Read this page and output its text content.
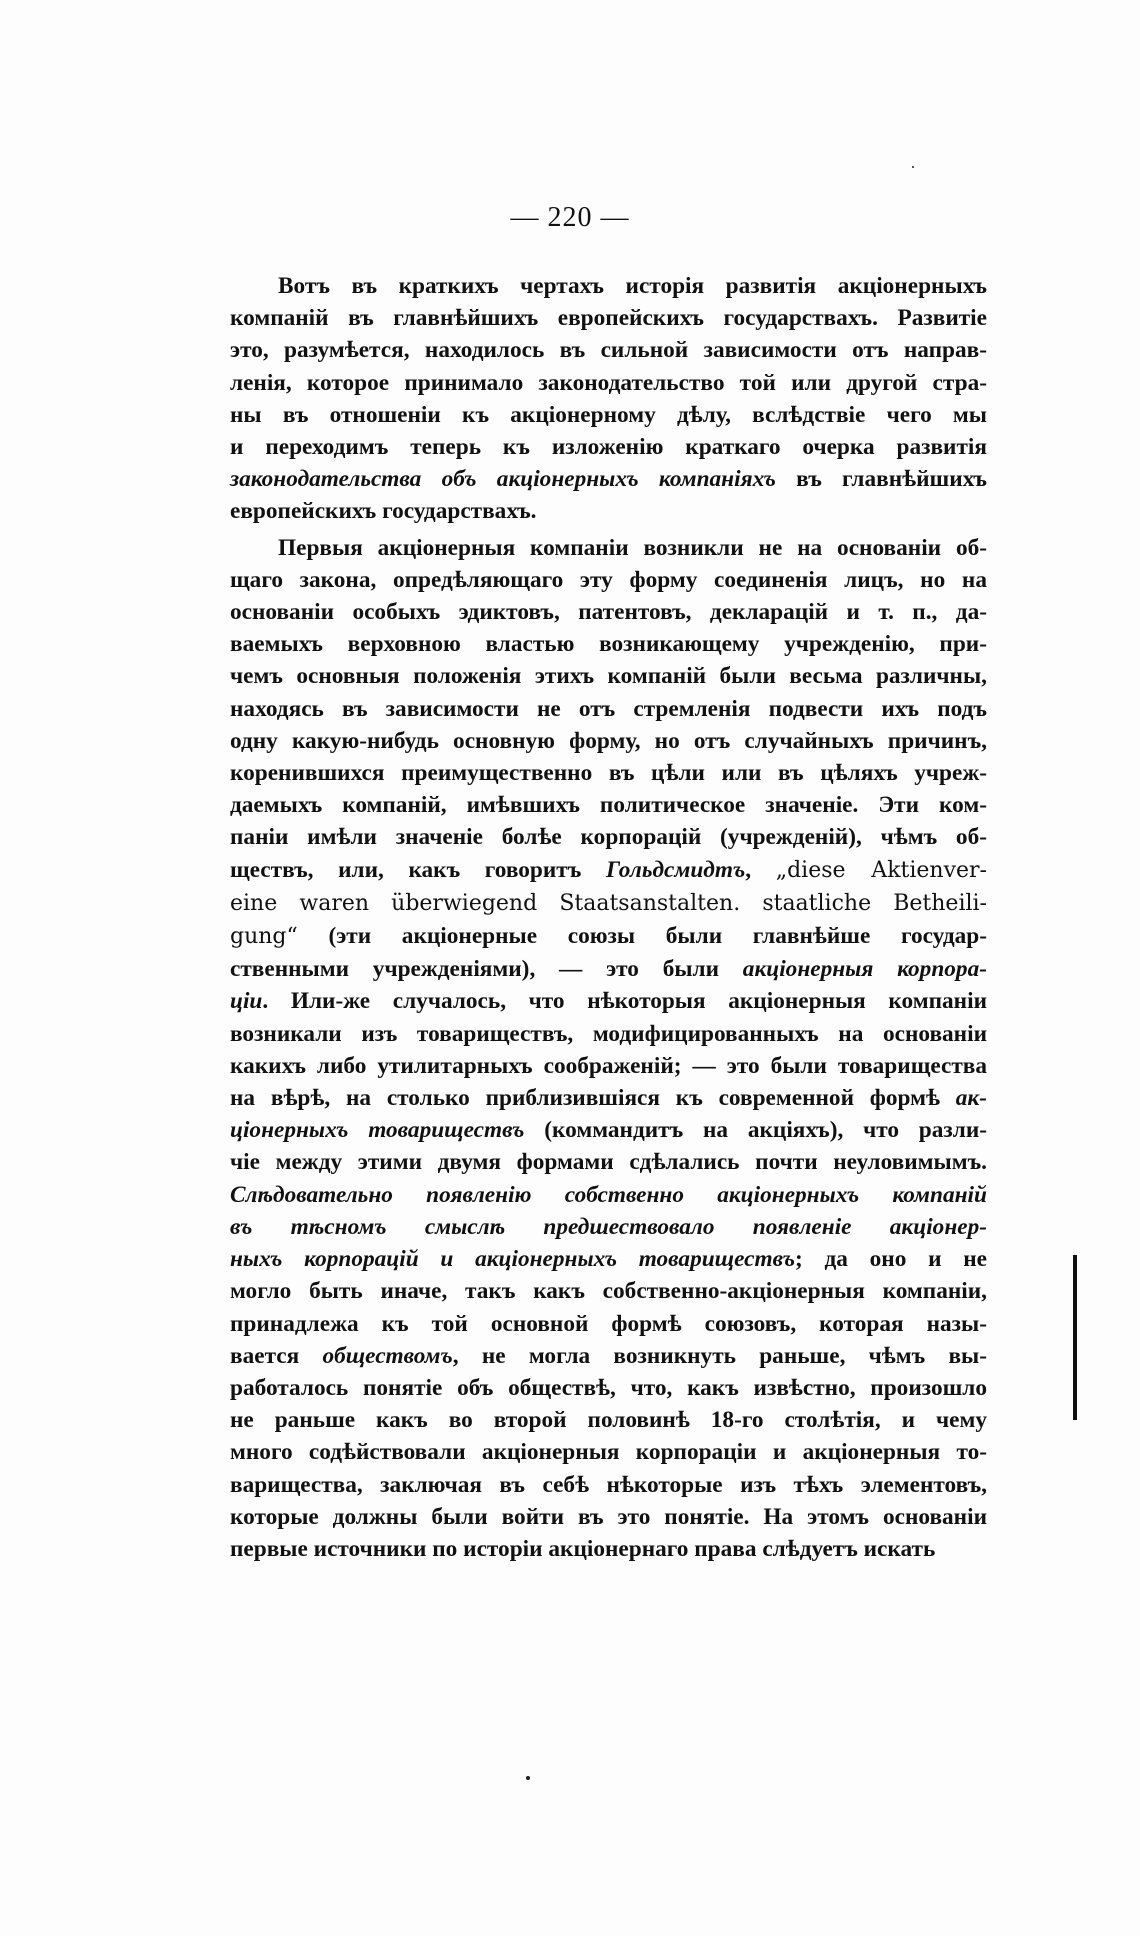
— 220 —
Вотъ въ краткихъ чертахъ исторія развитія акціонерныхъ
компаній въ главнѣйшихъ европейскихъ государствахъ. Развитіе
это, разумѣется, находилось въ сильной зависимости отъ направ-
ленія, которое принимало законодательство той или другой стра-
ны въ отношеніи къ акціонерному дѣлу, вслѣдствіе чего мы
и переходимъ теперь къ изложенію краткаго очерка развитія
законодательства объ акціонерныхъ компаніяхъ въ главнѣйшихъ
европейскихъ государствахъ.
Первыя акціонерныя компаніи возникли не на основаніи об-
щаго закона, опредѣляющаго эту форму соединенія лицъ, но на
основаніи особыхъ эдиктовъ, патентовъ, декларацій и т. п., да-
ваемыхъ верховною властью возникающему учрежденію, при-
чемъ основныя положенія этихъ компаній были весьма различны,
находясь въ зависимости не отъ стремленія подвести ихъ подъ
одну какую-нибудь основную форму, но отъ случайныхъ причинъ,
коренившихся преимущественно въ цѣли или въ цѣляхъ учреж-
даемыхъ компаній, имѣвшихъ политическое значеніе. Эти ком-
паніи имѣли значеніе болѣе корпорацій (учрежденій), чѣмъ об-
ществъ, или, какъ говоритъ Гольдсмидтъ, „diese Aktienver-
eine waren überwiegend Staatsanstalten. staatliche Betheili-
gung“ (эти акціонерные союзы были главнѣйше государ-
ственными учрежденіями), — это были акціонерныя корпора-
ціи. Или-же случалось, что нѣкоторыя акціонерныя компаніи
возникали изъ товариществъ, модифицированныхъ на основаніи
какихъ либо утилитарныхъ соображеній; — это были товарищества
на вѣрѣ, на столько приблизившіяся къ современной формѣ ак-
ціонерныхъ товариществъ (коммандитъ на акціяхъ), что разли-
чіе между этими двумя формами сдѣлались почти неуловимымъ.
Слѣдовательно появленію собственно акціонерныхъ компаній
въ тѣсномъ смыслѣ предшествовало появленіе акціонер-
ныхъ корпорацій и акціонерныхъ товариществъ; да оно и не
могло быть иначе, такъ какъ собственно-акціонерныя компаніи,
принадлежа къ той основной формѣ союзовъ, которая назы-
вается обществомъ, не могла возникнуть раньше, чѣмъ вы-
работалось понятіе объ обществѣ, что, какъ извѣстно, произошло
не раньше какъ во второй половинѣ 18-го столѣтія, и чему
много содѣйствовали акціонерныя корпораціи и акціонерныя то-
варищества, заключая въ себѣ нѣкоторые изъ тѣхъ элементовъ,
которые должны были войти въ это понятіе. На этомъ основаніи
первые источники по исторіи акціонернаго права слѣдуетъ искать
